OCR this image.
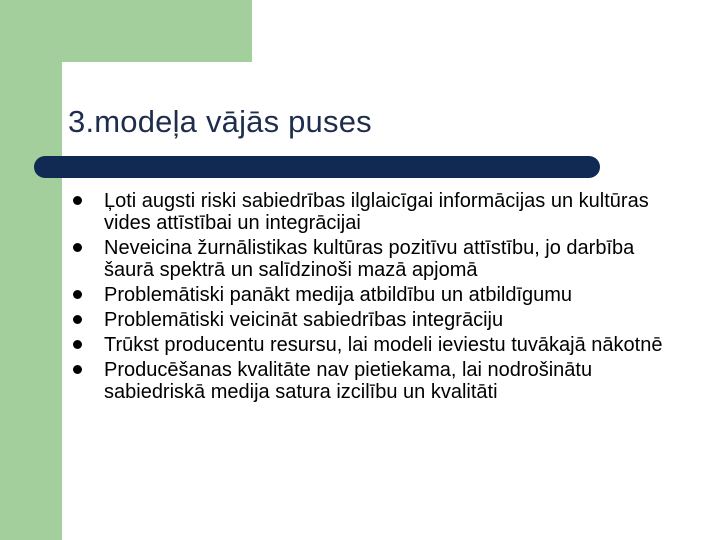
3.modeļa vājās puses
Ļoti augsti riski sabiedrības ilglaicīgai informācijas un kultūras vides attīstībai un integrācijai
Neveicina žurnālistikas kultūras pozitīvu attīstību, jo darbība šaurā spektrā un salīdzinoši mazā apjomā
Problemātiski panākt medija atbildību un atbildīgumu
Problemātiski veicināt sabiedrības integrāciju
Trūkst producentu resursu, lai modeli ieviestu tuvākajā nākotnē
Producēšanas kvalitāte nav pietiekama, lai nodrošinātu sabiedriskā medija satura izcilību un kvalitāti
